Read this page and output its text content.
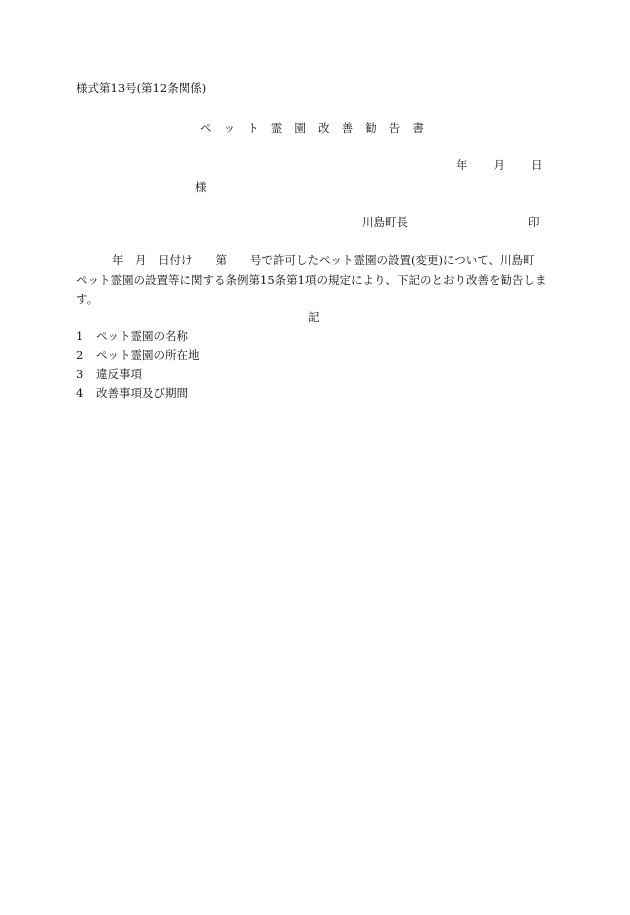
様式第13号(第12条関係)
ペ　ッ　ト　霊　園　改　善　勧　告　書
年 月 日
様
川島町長	印
年　月　日付け　　第　　号で許可したペット霊園の設置(変更)について、川島町
ペット霊園の設置等に関する条例第15条第1項の規定により、下記のとおり改善を勧告しま
す。
記
1 ペット霊園の名称
2 ペット霊園の所在地
3 違反事項
4 改善事項及び期間
